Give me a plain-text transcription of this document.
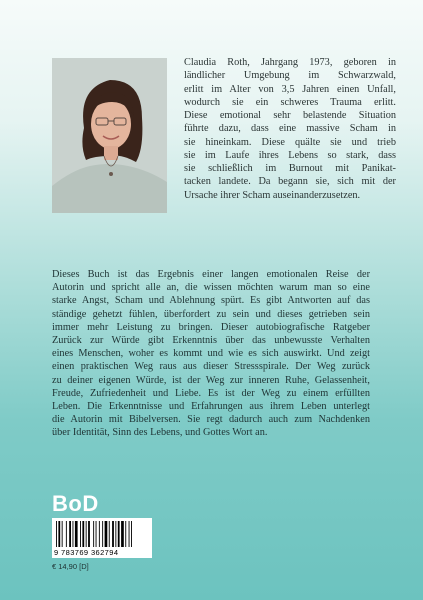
Claudia Roth, Jahrgang 1973, geboren in
ländlicher Umgebung im Schwarzwald,
erlitt im Alter von 3,5 Jahren einen Unfall,
wodurch sie ein schweres Trauma erlitt.
Diese emotional sehr belastende Situation
führte dazu, dass eine massive Scham in
sie hineinkam. Diese quälte sie und trieb
sie im Laufe ihres Lebens so stark, dass
sie schließlich im Burnout mit Panikat-
tacken landete. Da begann sie, sich mit der
Ursache ihrer Scham auseinanderzusetzen.
Dieses Buch ist das Ergebnis einer langen emotionalen Reise der
Autorin und spricht alle an, die wissen möchten warum man so eine
starke Angst, Scham und Ablehnung spürt. Es gibt Antworten auf das
ständige gehetzt fühlen, überfordert zu sein und dieses getrieben sein
immer mehr Leistung zu bringen. Dieser autobiografische Ratgeber
Zurück zur Würde gibt Erkenntnis über das unbewusste Verhalten
eines Menschen, woher es kommt und wie es sich auswirkt. Und zeigt
einen praktischen Weg raus aus dieser Stressspirale. Der Weg zurück
zu deiner eigenen Würde, ist der Weg zur inneren Ruhe, Gelassenheit,
Freude, Zufriedenheit und Liebe. Es ist der Weg zu einem erfüllten
Leben. Die Erkenntnisse und Erfahrungen aus ihrem Leben unterlegt
die Autorin mit Bibelversen. Sie regt dadurch auch zum Nachdenken
über Identität, Sinn des Lebens, und Gottes Wort an.
BoD
9 783769 362794
€ 14,90 [D]
